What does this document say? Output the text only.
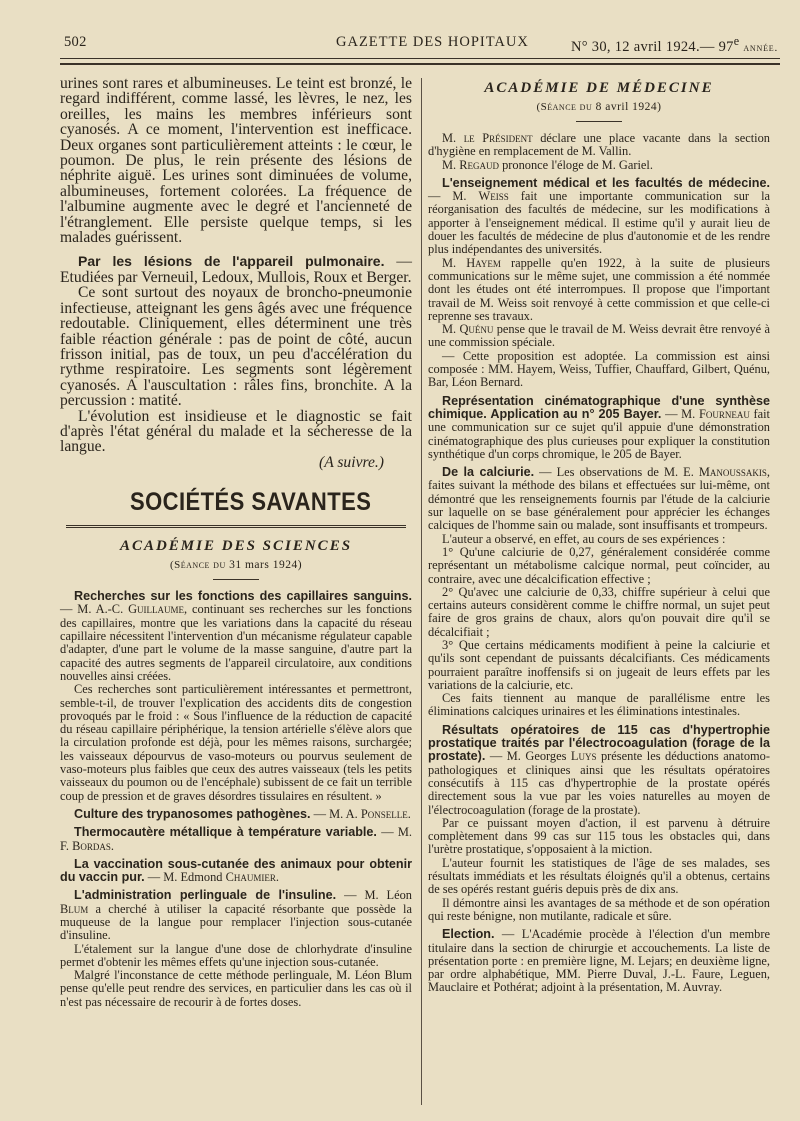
502	GAZETTE DES HOPITAUX	N° 30, 12 avril 1924.— 97e année.

urines sont rares et albumineuses. Le teint est bronzé, le regard indifférent, comme lassé, les lèvres, le nez, les oreilles, les mains les membres inférieurs sont cyanosés. A ce moment, l'intervention est inefficace. Deux organes sont particulièrement atteints : le cœur, le poumon. De plus, le rein présente des lésions de néphrite aiguë. Les urines sont diminuées de volume, albumineuses, fortement colorées. La fréquence de l'albumine augmente avec le degré et l'ancienneté de l'étranglement. Elle persiste quelque temps, si les malades guérissent.

Par les lésions de l'appareil pulmonaire. — Etudiées par Verneuil, Ledoux, Mullois, Roux et Berger.

Ce sont surtout des noyaux de broncho-pneumonie infectieuse, atteignant les gens âgés avec une fréquence redoutable. Cliniquement, elles déterminent une très faible réaction générale : pas de point de côté, aucun frisson initial, pas de toux, un peu d'accélération du rythme respiratoire. Les segments sont légèrement cyanosés. A l'auscultation : râles fins, bronchite. A la percussion : matité.

L'évolution est insidieuse et le diagnostic se fait d'après l'état général du malade et la sécheresse de la langue.

(A suivre.)

SOCIÉTÉS SAVANTES
ACADÉMIE DES SCIENCES
(Séance du 31 mars 1924)

Recherches sur les fonctions des capillaires sanguins. — M. A.-C. Guillaume, continuant ses recherches sur les fonctions des capillaires, montre que les variations dans la capacité du réseau capillaire nécessitent l'intervention d'un mécanisme régulateur capable d'adapter, d'une part le volume de la masse sanguine, d'autre part la capacité des autres segments de l'appareil circulatoire, aux conditions nouvelles ainsi créées.

Ces recherches sont particulièrement intéressantes et permettront, semble-t-il, de trouver l'explication des accidents dits de congestion provoqués par le froid : « Sous l'influence de la réduction de capacité du réseau capillaire périphérique, la tension artérielle s'élève alors que la circulation profonde est déjà, pour les mêmes raisons, surchargée; les vaisseaux dépourvus de vaso-moteurs ou pourvus seulement de vaso-moteurs plus faibles que ceux des autres vaisseaux (tels les petits vaisseaux du poumon ou de l'encéphale) subissent de ce fait un terrible coup de pression et de graves désordres tissulaires en résultent. »

Culture des trypanosomes pathogènes. — M. A. Ponselle.

Thermocautère métallique à température variable. — M. F. Bordas.

La vaccination sous-cutanée des animaux pour obtenir du vaccin pur. — M. Edmond Chaumier.

L'administration perlinguale de l'insuline. — M. Léon Blum a cherché à utiliser la capacité résorbante que possède la muqueuse de la langue pour remplacer l'injection sous-cutanée d'insuline.

L'étalement sur la langue d'une dose de chlorhydrate d'insuline permet d'obtenir les mêmes effets qu'une injection sous-cutanée.

Malgré l'inconstance de cette méthode perlinguale, M. Léon Blum pense qu'elle peut rendre des services, en particulier dans les cas où il n'est pas nécessaire de recourir à de fortes doses.

ACADÉMIE DE MÉDECINE
(Séance du 8 avril 1924)

M. le Président déclare une place vacante dans la section d'hygiène en remplacement de M. Vallin.

M. Regaud prononce l'éloge de M. Gariel.

L'enseignement médical et les facultés de médecine. — M. Weiss fait une importante communication sur la réorganisation des facultés de médecine, sur les modifications à apporter à l'enseignement médical. Il estime qu'il y aurait lieu de douer les facultés de médecine de plus d'autonomie et de les rendre plus indépendantes des universités.

M. Hayem rappelle qu'en 1922, à la suite de plusieurs communications sur le même sujet, une commission a été nommée dont les études ont été interrompues. Il propose que l'important travail de M. Weiss soit renvoyé à cette commission et que celle-ci reprenne ses travaux.

M. Quénu pense que le travail de M. Weiss devrait être renvoyé à une commission spéciale.

— Cette proposition est adoptée. La commission est ainsi composée : MM. Hayem, Weiss, Tuffier, Chauffard, Gilbert, Quénu, Bar, Léon Bernard.

Représentation cinématographique d'une synthèse chimique. Application au n° 205 Bayer. — M. Fourneau fait une communication sur ce sujet qu'il appuie d'une démonstration cinématographique des plus curieuses pour expliquer la constitution synthétique d'un corps chromique, le 205 de Bayer.

De la calciurie. — Les observations de M. E. Manoussakis, faites suivant la méthode des bilans et effectuées sur lui-même, ont démontré que les renseignements fournis par l'étude de la calciurie sur laquelle on se base généralement pour apprécier les échanges calciques de l'homme sain ou malade, sont insuffisants et trompeurs.

L'auteur a observé, en effet, au cours de ses expériences :

1° Qu'une calciurie de 0,27, généralement considérée comme représentant un métabolisme calcique normal, peut coïncider, au contraire, avec une décalcification effective ;

2° Qu'avec une calciurie de 0,33, chiffre supérieur à celui que certains auteurs considèrent comme le chiffre normal, un sujet peut faire de gros grains de chaux, alors qu'on pouvait dire qu'il se décalcifiait ;

3° Que certains médicaments modifient à peine la calciurie et qu'ils sont cependant de puissants décalcifiants. Ces médicaments pourraient paraître inoffensifs si on jugeait de leurs effets par les variations de la calciurie, etc.

Ces faits tiennent au manque de parallélisme entre les éliminations calciques urinaires et les éliminations intestinales.

Résultats opératoires de 115 cas d'hypertrophie prostatique traités par l'électrocoagulation (forage de la prostate). — M. Georges Luys présente les déductions anatomo-pathologiques et cliniques ainsi que les résultats opératoires consécutifs à 115 cas d'hypertrophie de la prostate opérés directement sous la vue par les voies naturelles au moyen de l'électrocoagulation (forage de la prostate).

Par ce puissant moyen d'action, il est parvenu à détruire complètement dans 99 cas sur 115 tous les obstacles qui, dans l'urètre prostatique, s'opposaient à la miction.

L'auteur fournit les statistiques de l'âge de ses malades, ses résultats immédiats et les résultats éloignés qu'il a obtenus, certains de ses opérés restant guéris depuis près de dix ans.

Il démontre ainsi les avantages de sa méthode et de son opération qui reste bénigne, non mutilante, radicale et sûre.

Election. — L'Académie procède à l'élection d'un membre titulaire dans la section de chirurgie et accouchements. La liste de présentation porte : en première ligne, M. Lejars; en deuxième ligne, par ordre alphabétique, MM. Pierre Duval, J.-L. Faure, Leguen, Mauclaire et Pothérat; adjoint à la présentation, M. Auvray.
